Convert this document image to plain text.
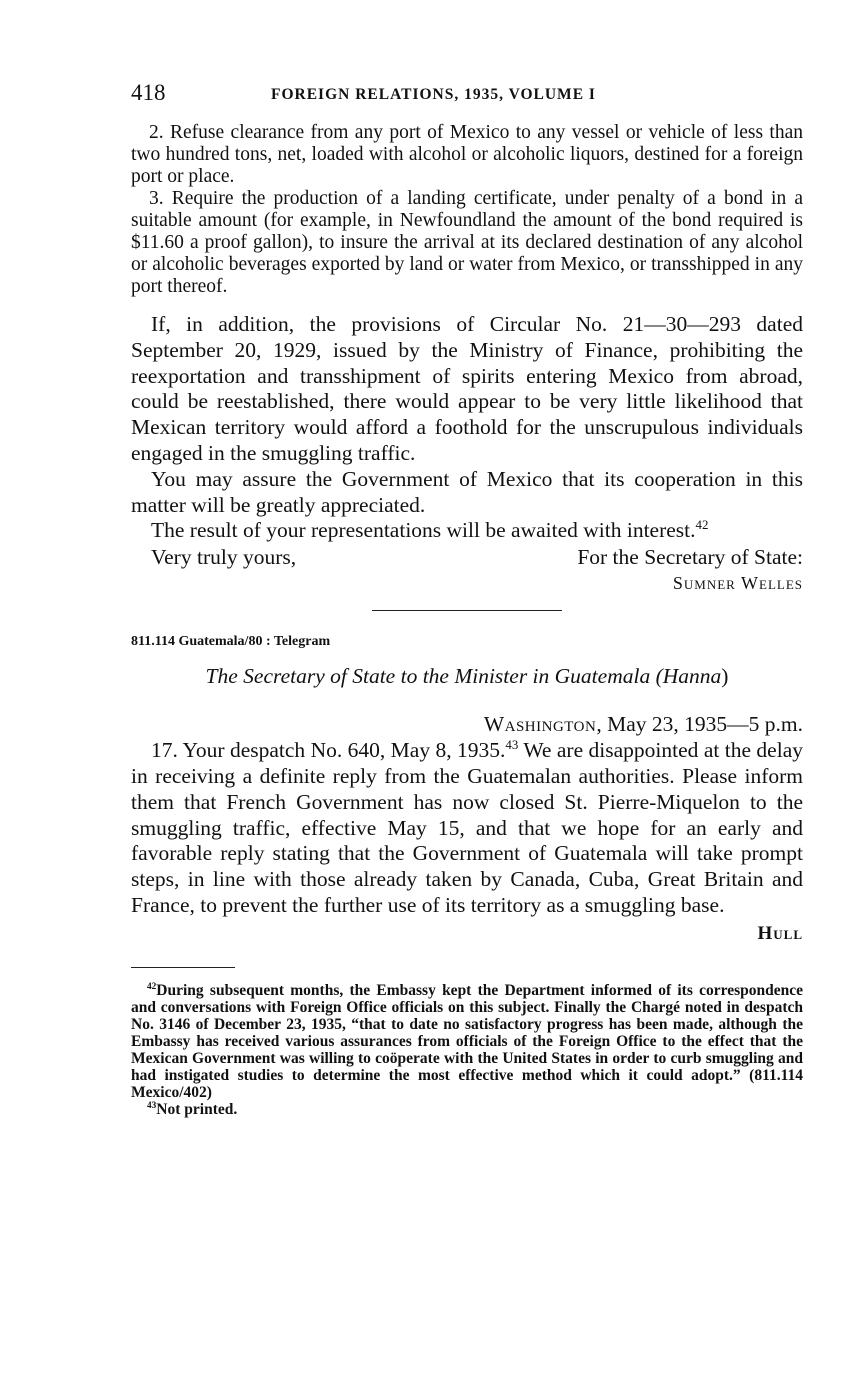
418	FOREIGN RELATIONS, 1935, VOLUME I

2. Refuse clearance from any port of Mexico to any vessel or vehicle of less than two hundred tons, net, loaded with alcohol or alcoholic liquors, destined for a foreign port or place.

3. Require the production of a landing certificate, under penalty of a bond in a suitable amount (for example, in Newfoundland the amount of the bond required is $11.60 a proof gallon), to insure the arrival at its declared destination of any alcohol or alcoholic beverages exported by land or water from Mexico, or transshipped in any port thereof.

If, in addition, the provisions of Circular No. 21—30—293 dated September 20, 1929, issued by the Ministry of Finance, prohibiting the reexportation and transshipment of spirits entering Mexico from abroad, could be reestablished, there would appear to be very little likelihood that Mexican territory would afford a foothold for the unscrupulous individuals engaged in the smuggling traffic.

You may assure the Government of Mexico that its cooperation in this matter will be greatly appreciated.

The result of your representations will be awaited with interest.$^{42}$

Very truly yours,	For the Secretary of State:
Sumner Welles
811.114 Guatemala/80 : Telegram
The Secretary of State to the Minister in Guatemala (Hanna)
Washington, May 23, 1935—5 p.m.

17. Your despatch No. 640, May 8, 1935.43 We are disappointed at the delay in receiving a definite reply from the Guatemalan authorities. Please inform them that French Government has now closed St. Pierre-Miquelon to the smuggling traffic, effective May 15, and that we hope for an early and favorable reply stating that the Government of Guatemala will take prompt steps, in line with those already taken by Canada, Cuba, Great Britain and France, to prevent the further use of its territory as a smuggling base.

Hull

$^{42}$During subsequent months, the Embassy kept the Department informed of its correspondence and conversations with Foreign Office officials on this subject. Finally the Chargé noted in despatch No. 3146 of December 23, 1935, “that to date no satisfactory progress has been made, although the Embassy has received various assurances from officials of the Foreign Office to the effect that the Mexican Government was willing to coöperate with the United States in order to curb smuggling and had instigated studies to determine the most effective method which it could adopt.” (811.114 Mexico/402)

$^{43}$Not printed.
